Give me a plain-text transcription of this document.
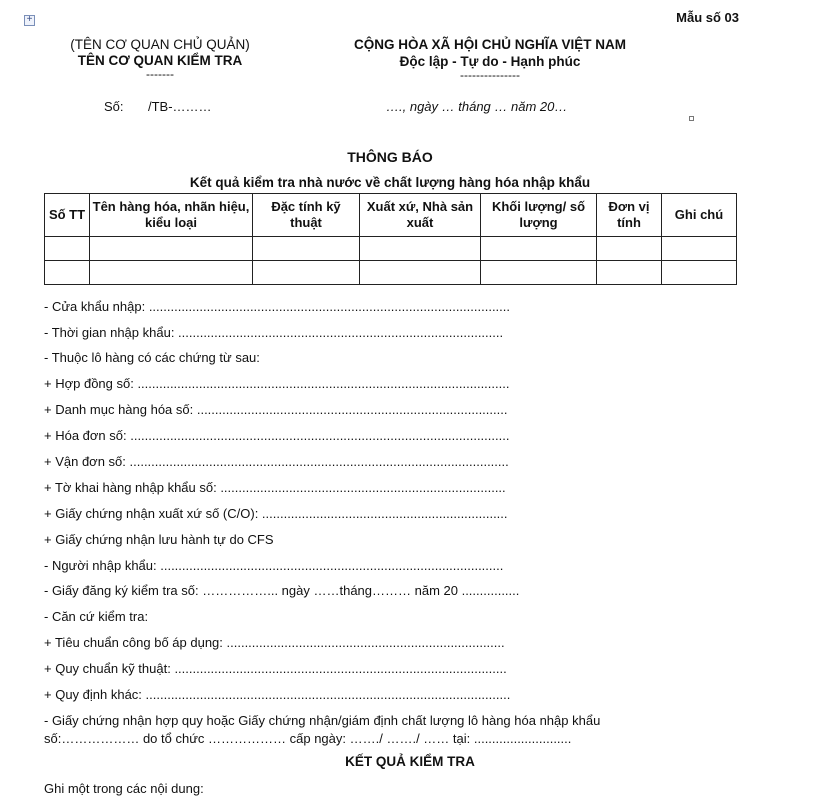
+	Mẫu số 03
(TÊN CƠ QUAN CHỦ QUẢN)
TÊN CƠ QUAN KIỂM TRA
-------
CỘNG HÒA XÃ HỘI CHỦ NGHĨA VIỆT NAM
Độc lập - Tự do - Hạnh phúc
---------------
Số: /TB-………	…., ngày … tháng … năm 20…
THÔNG BÁO
Kết quả kiểm tra nhà nước về chất lượng hàng hóa nhập khẩu
Số TT	Tên hàng hóa, nhãn hiệu, kiểu loại	Đặc tính kỹ thuật	Xuất xứ, Nhà sản xuất	Khối lượng/ số lượng	Đơn vị tính	Ghi chú

- Cửa khẩu nhập: ....................................................................................................
- Thời gian nhập khẩu: ..........................................................................................
- Thuộc lô hàng có các chứng từ sau:
+ Hợp đồng số: .......................................................................................................
+ Danh mục hàng hóa số: ......................................................................................
+ Hóa đơn số: .........................................................................................................
+ Vận đơn số: .........................................................................................................
+ Tờ khai hàng nhập khẩu số: ...............................................................................
+ Giấy chứng nhận xuất xứ số (C/O): ....................................................................
+ Giấy chứng nhận lưu hành tự do CFS
- Người nhập khẩu: ...............................................................................................
- Giấy đăng ký kiểm tra số: ……………... ngày ……tháng……… năm 20 ................
- Căn cứ kiểm tra:
+ Tiêu chuẩn công bố áp dụng: .............................................................................
+ Quy chuẩn kỹ thuật: ............................................................................................
+ Quy định khác: .....................................................................................................
- Giấy chứng nhận hợp quy hoặc Giấy chứng nhận/giám định chất lượng lô hàng hóa nhập khẩu
số:……………… do tổ chức ……………… cấp ngày: ……./ ……./ …… tại: ...........................
KẾT QUẢ KIỂM TRA
Ghi một trong các nội dung:
